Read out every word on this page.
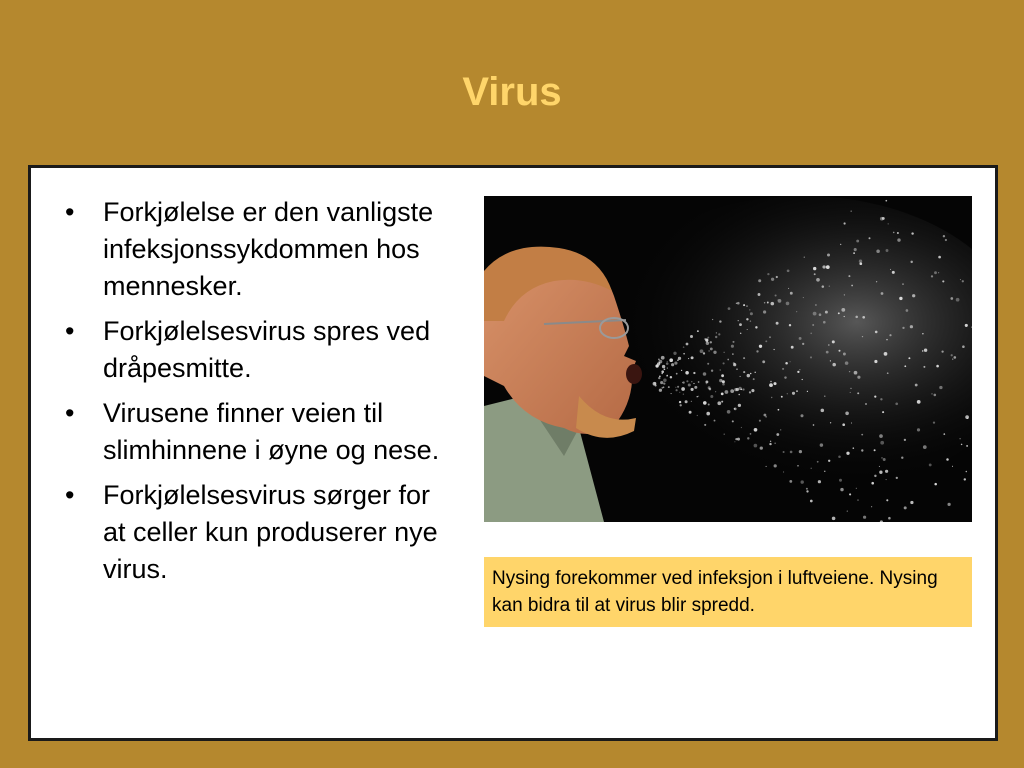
Virus
• Forkjølelse er den vanligste infeksjonssykdommen hos mennesker.
• Forkjølelsesvirus spres ved dråpesmitte.
• Virusene finner veien til slimhinnene i øyne og nese.
• Forkjølelsesvirus sørger for at celler kun produserer nye virus.	Nysing forekommer ved infeksjon i luftveiene. Nysing kan bidra til at virus blir spredd.
